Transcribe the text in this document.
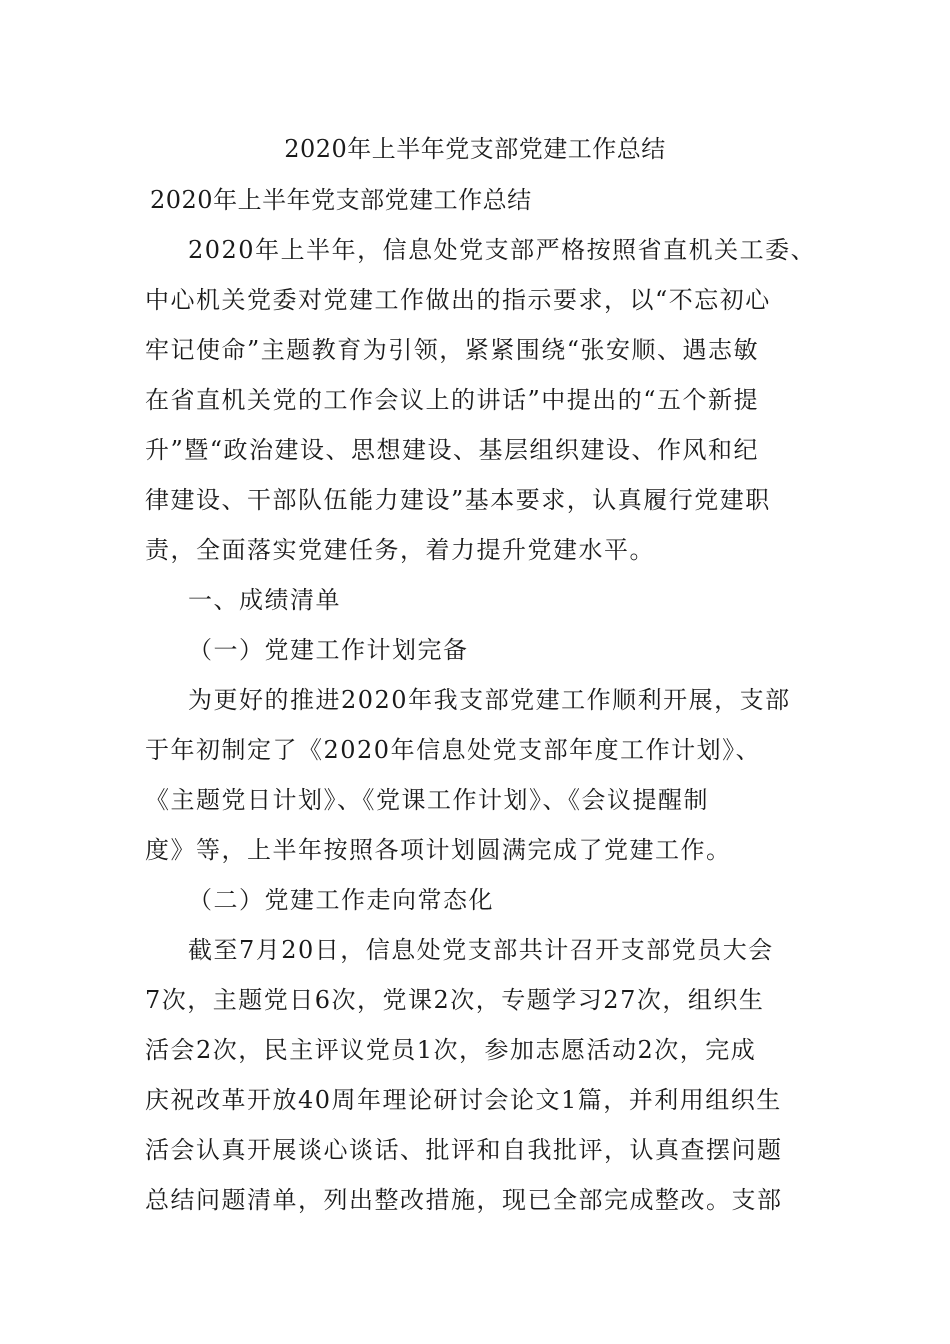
2020年上半年党支部党建工作总结
2020年上半年党支部党建工作总结
2020年上半年，信息处党支部严格按照省直机关工委、
中心机关党委对党建工作做出的指示要求，以“不忘初心
牢记使命”主题教育为引领，紧紧围绕“张安顺、遇志敏
在省直机关党的工作会议上的讲话”中提出的“五个新提
升”暨“政治建设、思想建设、基层组织建设、作风和纪
律建设、干部队伍能力建设”基本要求，认真履行党建职
责，全面落实党建任务，着力提升党建水平。
一、成绩清单
（一）党建工作计划完备
为更好的推进2020年我支部党建工作顺利开展，支部
于年初制定了《2020年信息处党支部年度工作计划》、
《主题党日计划》、《党课工作计划》、《会议提醒制
度》等，上半年按照各项计划圆满完成了党建工作。
（二）党建工作走向常态化
截至7月20日，信息处党支部共计召开支部党员大会
7次，主题党日6次，党课2次，专题学习27次，组织生
活会2次，民主评议党员1次，参加志愿活动2次，完成
庆祝改革开放40周年理论研讨会论文1篇，并利用组织生
活会认真开展谈心谈话、批评和自我批评，认真查摆问题
总结问题清单，列出整改措施，现已全部完成整改。支部
